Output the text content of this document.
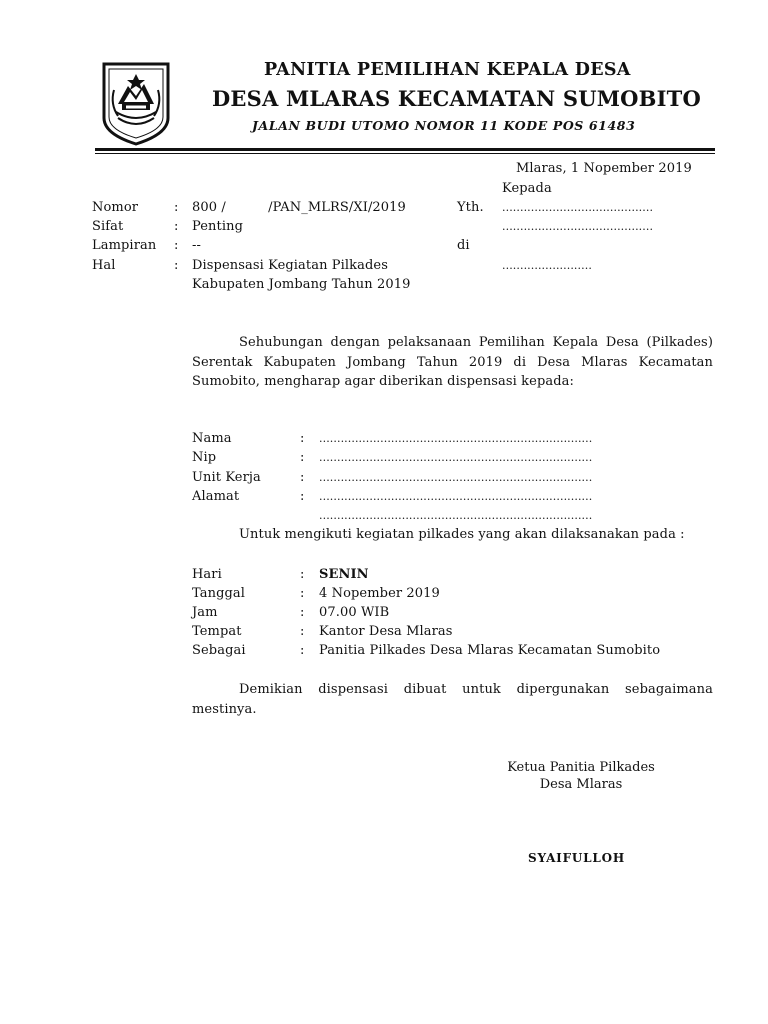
PANITIA PEMILIHAN KEPALA DESA
DESA MLARAS KECAMATAN SUMOBITO
JALAN BUDI UTOMO NOMOR 11 KODE POS 61483
Mlaras, 1 Nopember 2019
Kepada
Nomor	: 800 /          /PAN_MLRS/XI/2019
Sifat	: Penting
Lampiran : --
Hal	: Dispensasi Kegiatan Pilkades
Kabupaten Jombang Tahun 2019
Yth. ..........................................
..........................................
di
.........................
Sehubungan dengan pelaksanaan Pemilihan Kepala Desa (Pilkades) Serentak Kabupaten Jombang Tahun 2019 di Desa Mlaras Kecamatan Sumobito, mengharap agar diberikan dispensasi kepada:
Nama	: ............................................................................
Nip	: ............................................................................
Unit Kerja	: ............................................................................
Alamat	: ............................................................................
............................................................................
Untuk mengikuti kegiatan pilkades yang akan dilaksanakan pada :
Hari	: SENIN
Tanggal	: 4 Nopember 2019
Jam	: 07.00 WIB
Tempat	: Kantor Desa Mlaras
Sebagai	: Panitia Pilkades Desa Mlaras Kecamatan Sumobito
Demikian dispensasi dibuat untuk dipergunakan sebagaimana mestinya.
Ketua Panitia Pilkades
Desa Mlaras
SYAIFULLOH
